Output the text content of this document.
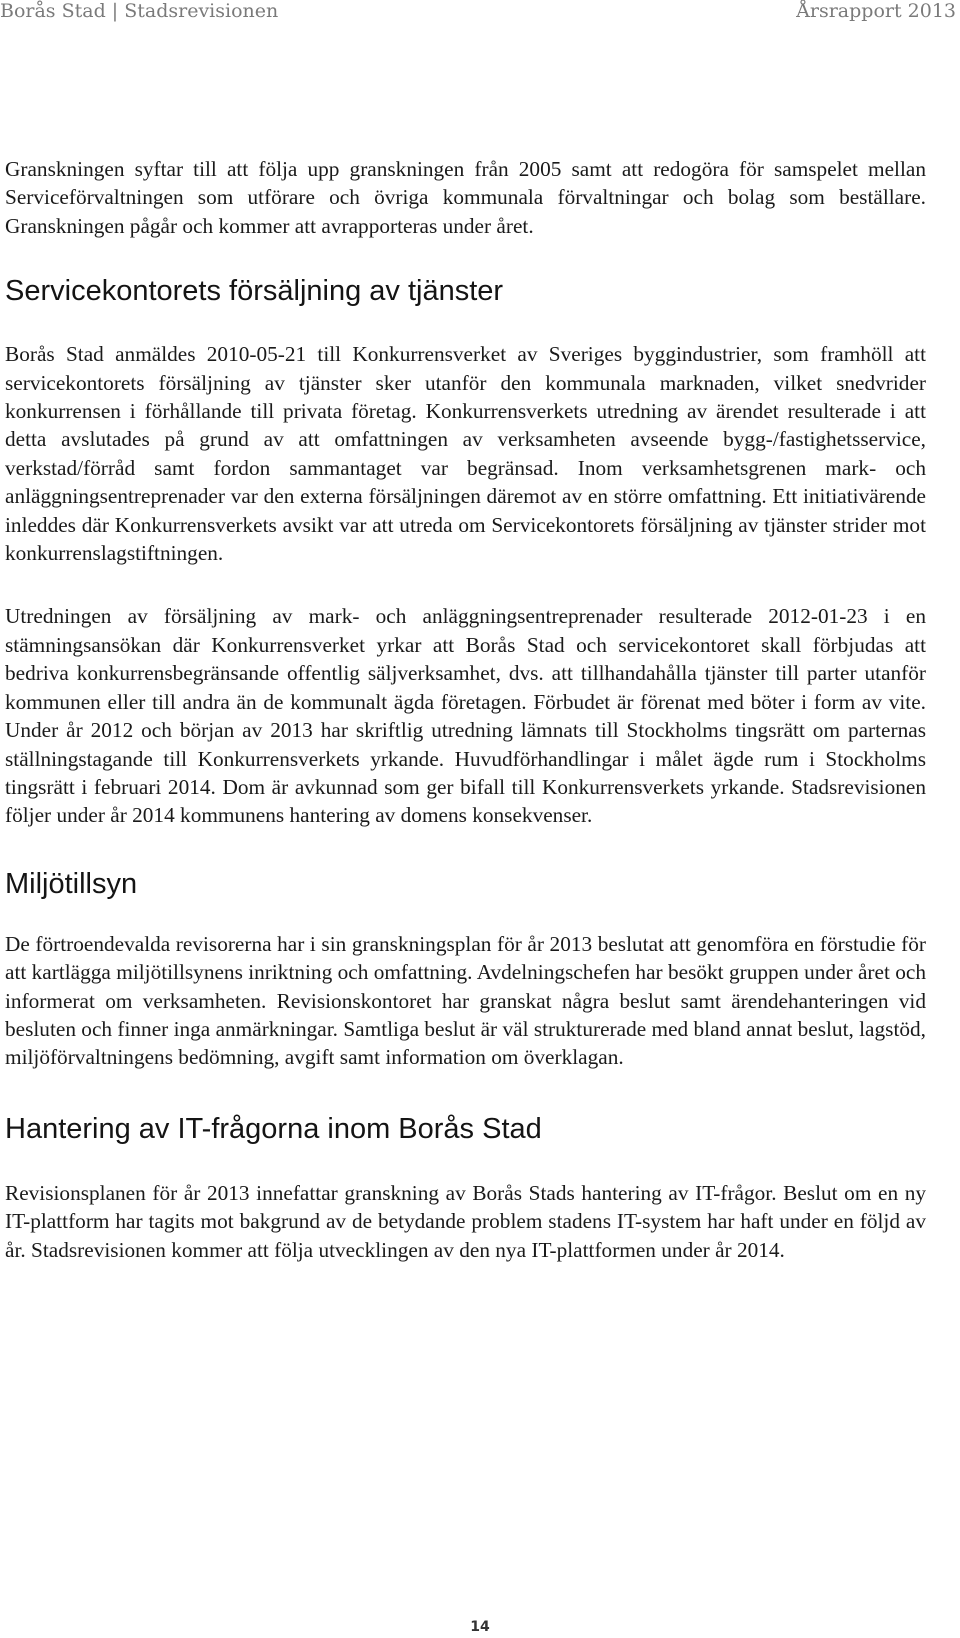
Borås Stad | Stadsrevisionen	Årsrapport 2013

Granskningen syftar till att följa upp granskningen från 2005 samt att redogöra för samspelet mellan Serviceförvaltningen som utförare och övriga kommunala förvaltningar och bolag som beställare. Granskningen pågår och kommer att avrapporteras under året.

Servicekontorets försäljning av tjänster

Borås Stad anmäldes 2010-05-21 till Konkurrensverket av Sveriges byggindustrier, som framhöll att servicekontorets försäljning av tjänster sker utanför den kommunala marknaden, vilket snedvrider konkurrensen i förhållande till privata företag. Konkurrensverkets utredning av ärendet resulterade i att detta avslutades på grund av att omfattningen av verksamheten avseende bygg-/fastighetsservice, verkstad/förråd samt fordon sammantaget var begränsad. Inom verksamhetsgrenen mark- och anläggningsentreprenader var den externa försäljningen däremot av en större omfattning. Ett initiativärende inleddes där Konkurrensverkets avsikt var att utreda om Servicekontorets försäljning av tjänster strider mot konkurrenslagstiftningen.

Utredningen av försäljning av mark- och anläggningsentreprenader resulterade 2012-01-23 i en stämningsansökan där Konkurrensverket yrkar att Borås Stad och servicekontoret skall förbjudas att bedriva konkurrensbegränsande offentlig säljverksamhet, dvs. att tillhandahålla tjänster till parter utanför kommunen eller till andra än de kommunalt ägda företagen. Förbudet är förenat med böter i form av vite. Under år 2012 och början av 2013 har skriftlig utredning lämnats till Stockholms tingsrätt om parternas ställningstagande till Konkurrensverkets yrkande. Huvudförhandlingar i målet ägde rum i Stockholms tingsrätt i februari 2014. Dom är avkunnad som ger bifall till Konkurrensverkets yrkande. Stadsrevisionen följer under år 2014 kommunens hantering av domens konsekvenser.

Miljötillsyn

De förtroendevalda revisorerna har i sin granskningsplan för år 2013 beslutat att genomföra en förstudie för att kartlägga miljötillsynens inriktning och omfattning. Avdelningschefen har besökt gruppen under året och informerat om verksamheten. Revisionskontoret har granskat några beslut samt ärendehanteringen vid besluten och finner inga anmärkningar. Samtliga beslut är väl strukturerade med bland annat beslut, lagstöd, miljöförvaltningens bedömning, avgift samt information om överklagan.

Hantering av IT-frågorna inom Borås Stad

Revisionsplanen för år 2013 innefattar granskning av Borås Stads hantering av IT-frågor. Beslut om en ny IT-plattform har tagits mot bakgrund av de betydande problem stadens IT-system har haft under en följd av år. Stadsrevisionen kommer att följa utvecklingen av den nya IT-plattformen under år 2014.

14
